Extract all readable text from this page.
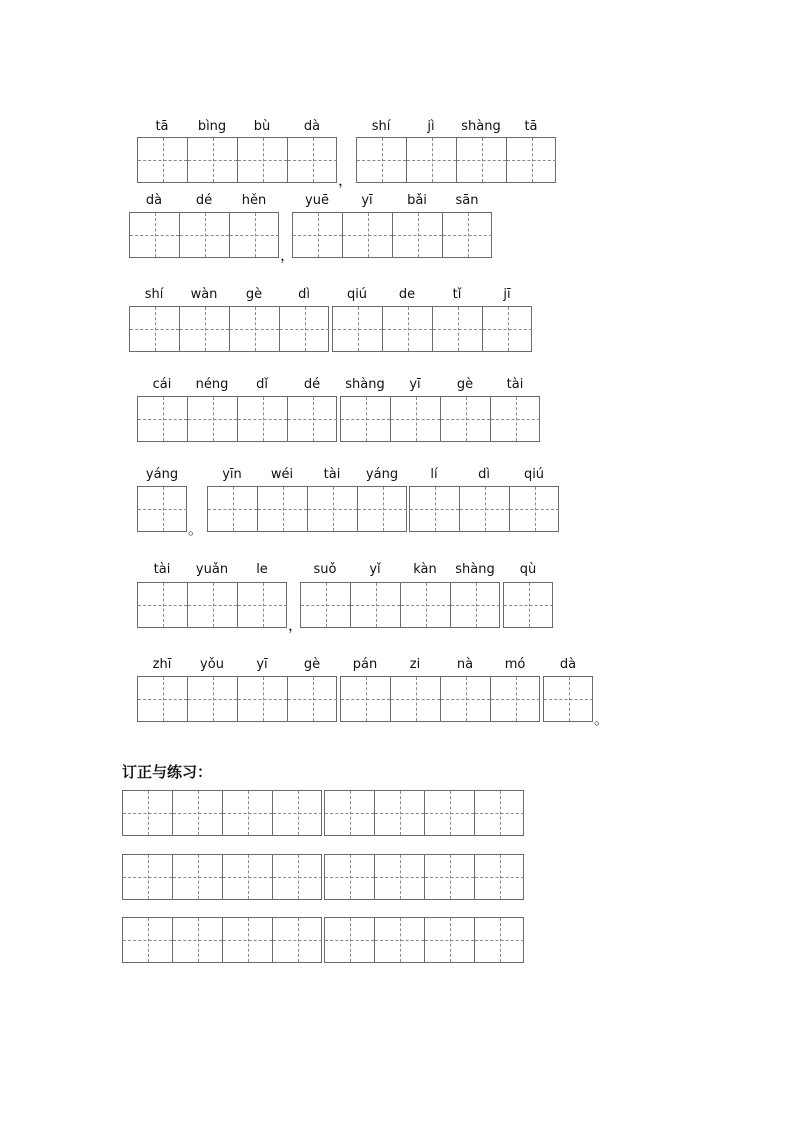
tā bìng bù	dà
，
shí	jì shàng tā
dà	dé hěn
，
yuē yī	bǎi sān
shí wàn gè	dì	qiú de	tǐ	jī
cái néng dǐ	dé shàng yī	gè	tài
yáng
。
yīn wéi tài yáng lí	dì	qiú
tài yuǎn le
，
suǒ	yǐ	kàn shàng qù
zhī yǒu yī	gè	pán	zi	nà mó	dà
。
订正与练习：
